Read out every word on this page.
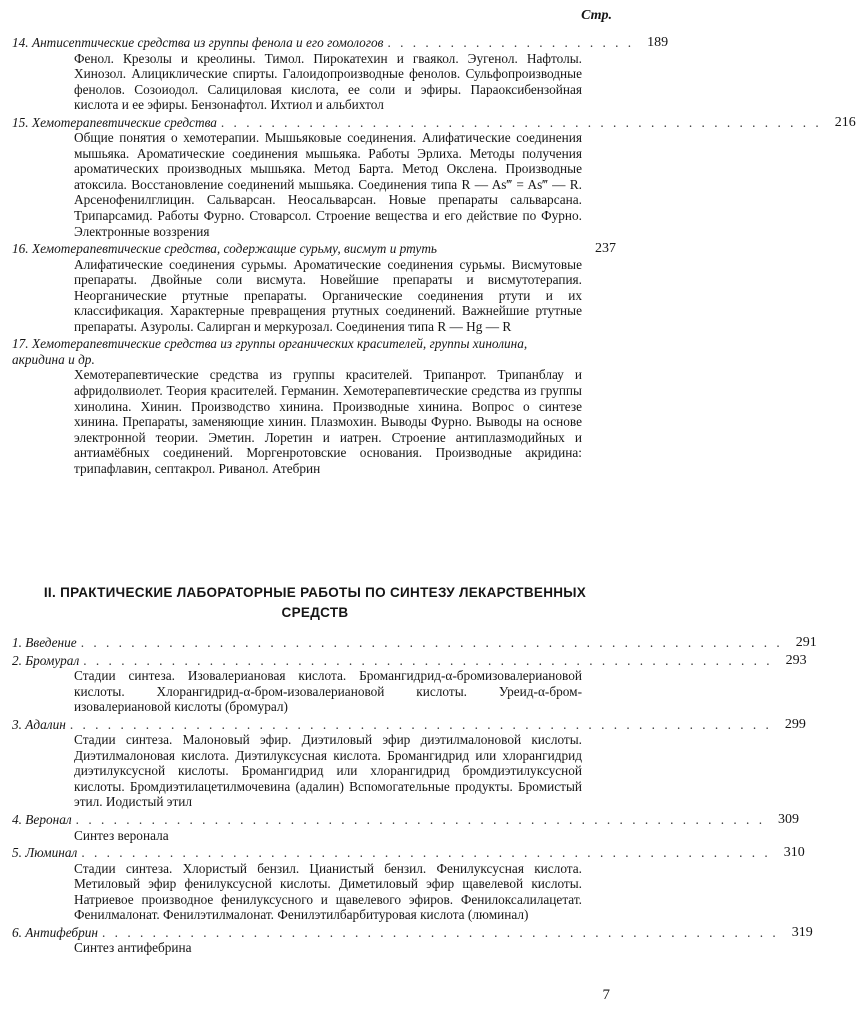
Стр.
14. Антисептические средства из группы фенола и его гомологов . . . . . . . . . . . . . . . . . . . . 189
Фенол. Крезолы и креолины. Тимол. Пирокатехин и гваякол. Эугенол. Нафтолы. Хинозол. Алициклические спирты. Галоидопроизводные фенолов. Сульфопроизводные фенолов. Созоиодол. Салициловая кислота, ее соли и эфиры. Параоксибензойная кислота и ее эфиры. Бензонафтол. Ихтиол и альбихтол
15. Хемотерапевтические средства . . . . . . . . . . . . . . . . . . . . . . . . . . . . . . . . . . . . . . . . . . . . . . . . 216
Общие понятия о хемотерапии. Мышьяковые соединения. Алифатические соединения мышьяка. Ароматические соединения мышьяка. Работы Эрлиха. Методы получения ароматических производных мышьяка. Метод Барта. Метод Окслена. Производные атоксила. Восстановление соединений мышьяка. Соединения типа R — As‴ = As‴ — R. Арсенофенилглицин. Сальварсан. Неосальварсан. Новые препараты сальварсана. Трипарсамид. Работы Фурно. Стоварсол. Строение вещества и его действие по Фурно. Электронные воззрения
16. Хемотерапевтические средства, содержащие сурьму, висмут и ртуть	237
Алифатические соединения сурьмы. Ароматические соединения сурьмы. Висмутовые препараты. Двойные соли висмута. Новейшие препараты и висмутотерапия. Неорганические ртутные препараты. Органические соединения ртути и их классификация. Характерные превращения ртутных соединений. Важнейшие ртутные препараты. Азуролы. Салирган и меркурозал. Соединения типа R — Hg — R
17. Хемотерапевтические средства из группы органических красителей, группы хинолина, акридина и др.
Хемотерапевтические средства из группы красителей. Трипанрот. Трипанблау и афридолвиолет. Теория красителей. Германин. Хемотерапевтические средства из группы хинолина. Хинин. Производство хинина. Производные хинина. Вопрос о синтезе хинина. Препараты, заменяющие хинин. Плазмохин. Выводы Фурно. Выводы на основе электронной теории. Эметин. Лоретин и иатрен. Строение антиплазмодийных и антиамёбных соединений. Моргенротовские основания. Производные акридина: трипафлавин, септакрол. Риванол. Атебрин
II. ПРАКТИЧЕСКИЕ ЛАБОРАТОРНЫЕ РАБОТЫ ПО СИНТЕЗУ ЛЕКАРСТВЕННЫХ СРЕДСТВ
1. Введение . . . . . . . . . . . . . . . . . . . . . . . . . . . . . . . . . . . . . . . . . . . . . . . . . . . . . . . . 291
2. Бромурал . . . . . . . . . . . . . . . . . . . . . . . . . . . . . . . . . . . . . . . . . . . . . . . . . . . . . . . 293
Стадии синтеза. Изовалериановая кислота. Бромангидрид-α-бромизовалериановой кислоты. Хлорангидрид-α-бром-изовалериановой кислоты. Уреид-α-бром-изовалериановой кислоты (бромурал)
3. Адалин . . . . . . . . . . . . . . . . . . . . . . . . . . . . . . . . . . . . . . . . . . . . . . . . . . . . . . . . 299
Стадии синтеза. Малоновый эфир. Диэтиловый эфир диэтилмалоновой кислоты. Диэтилмалоновая кислота. Диэтилуксусная кислота. Бромангидрид или хлорангидрид диэтилуксусной кислоты. Бромангидрид или хлорангидрид бромдиэтилуксусной кислоты. Бромдиэтилацетилмочевина (адалин) Вспомогательные продукты. Бромистый этил. Иодистый этил
4. Веронал . . . . . . . . . . . . . . . . . . . . . . . . . . . . . . . . . . . . . . . . . . . . . . . . . . . . . . . 309
Синтез веронала
5. Люминал . . . . . . . . . . . . . . . . . . . . . . . . . . . . . . . . . . . . . . . . . . . . . . . . . . . . . . . 310
Стадии синтеза. Хлористый бензил. Цианистый бензил. Фенилуксусная кислота. Метиловый эфир фенилуксусной кислоты. Диметиловый эфир щавелевой кислоты. Натриевое производное фенилуксусного и щавелевого эфиров. Фенилоксалилацетат. Фенилмалонат. Фенилэтилмалонат. Фенилэтилбарбитуровая кислота (люминал)
6. Антифебрин . . . . . . . . . . . . . . . . . . . . . . . . . . . . . . . . . . . . . . . . . . . . . . . . . . . . . . 319
Синтез антифебрина
7
